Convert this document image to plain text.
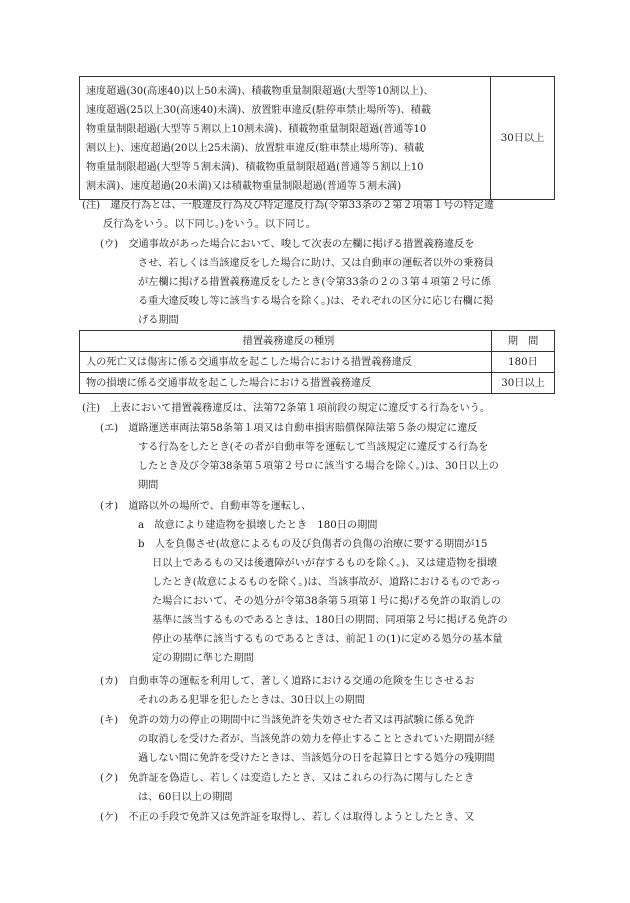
速度超過(30(高速40)以上50未満)、積載物重量制限超過(大型等10割以上)、
速度超過(25以上30(高速40)未満)、放置駐車違反(駐停車禁止場所等)、積載
物重量制限超過(大型等５割以上10割未満)、積載物重量制限超過(普通等10
割以上)、速度超過(20以上25未満)、放置駐車違反(駐車禁止場所等)、積載
物重量制限超過(大型等５割未満)、積載物重量制限超過(普通等５割以上10
割未満)、速度超過(20未満)又は積載物重量制限超過(普通等５割未満)
	30日以上
(注)　違反行為とは、一般違反行為及び特定違反行為(令第33条の２第２項第１号の特定違
反行為をいう。以下同じ。)をいう。以下同じ。
(ウ)　交通事故があった場合において、唆して次表の左欄に掲げる措置義務違反を
させ、若しくは当該違反をした場合に助け、又は自動車の運転者以外の乗務員
が左欄に掲げる措置義務違反をしたとき(令第33条の２の３第４項第２号に係
る重大違反唆し等に該当する場合を除く。)は、それぞれの区分に応じ右欄に掲
げる期間
措置義務違反の種別	期　間
人の死亡又は傷害に係る交通事故を起こした場合における措置義務違反	180日
物の損壊に係る交通事故を起こした場合における措置義務違反	30日以上
(注)　上表において措置義務違反は、法第72条第１項前段の規定に違反する行為をいう。
(エ)　道路運送車両法第58条第１項又は自動車損害賠償保障法第５条の規定に違反
する行為をしたとき(その者が自動車等を運転して当該規定に違反する行為を
したとき及び令第38条第５項第２号ロに該当する場合を除く。)は、30日以上の
期間
(オ)　道路以外の場所で、自動車等を運転し、
a　故意により建造物を損壊したとき　180日の期間
b　人を負傷させ(故意によるもの及び負傷者の負傷の治療に要する期間が15
日以上であるもの又は後遺障がいが存するものを除く。)、又は建造物を損壊
したとき(故意によるものを除く。)は、当該事故が、道路におけるものであっ
た場合において、その処分が令第38条第５項第１号に掲げる免許の取消しの
基準に該当するものであるときは、180日の期間、同項第２号に掲げる免許の
停止の基準に該当するものであるときは、前記１の(1)に定める処分の基本量
定の期間に準じた期間
(カ)　自動車等の運転を利用して、著しく道路における交通の危険を生じさせるお
それのある犯罪を犯したときは、30日以上の期間
(キ)　免許の効力の停止の期間中に当該免許を失効させた者又は再試験に係る免許
の取消しを受けた者が、当該免許の効力を停止することとされていた期間が経
過しない間に免許を受けたときは、当該処分の日を起算日とする処分の残期間
(ク)　免許証を偽造し、若しくは変造したとき、又はこれらの行為に関与したとき
は、60日以上の期間
(ケ)　不正の手段で免許又は免許証を取得し、若しくは取得しようとしたとき、又
